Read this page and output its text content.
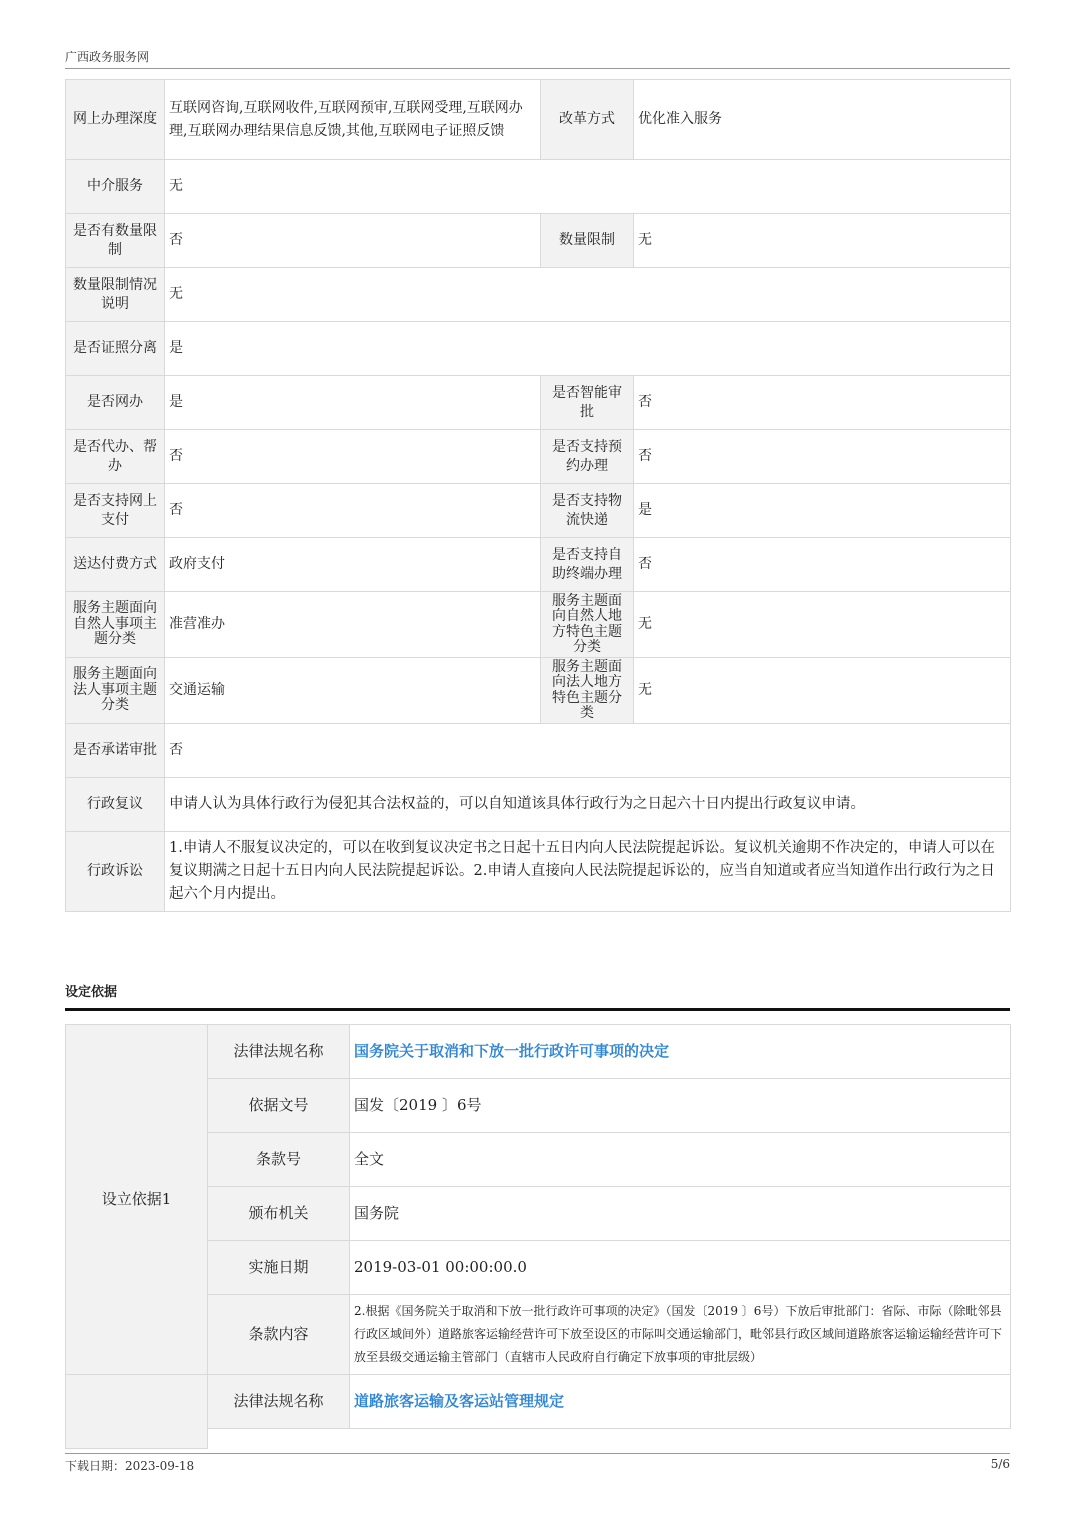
广西政务服务网
网上办理深度	互联网咨询,互联网收件,互联网预审,互联网受理,互联网办理,互联网办理结果信息反馈,其他,互联网电子证照反馈	改革方式	优化准入服务
中介服务	无		
是否有数量限制	否	数量限制	无
数量限制情况说明	无		
是否证照分离	是		
是否网办	是	是否智能审批	否
是否代办、帮办	否	是否支持预约办理	否
是否支持网上支付	否	是否支持物流快递	是
送达付费方式	政府支付	是否支持自助终端办理	否
服务主题面向自然人事项主题分类	准营准办	服务主题面向自然人地方特色主题分类	无
服务主题面向法人事项主题分类	交通运输	服务主题面向法人地方特色主题分类	无
是否承诺审批	否		
行政复议	申请人认为具体行政行为侵犯其合法权益的，可以自知道该具体行政行为之日起六十日内提出行政复议申请。		
行政诉讼	1.申请人不服复议决定的，可以在收到复议决定书之日起十五日内向人民法院提起诉讼。复议机关逾期不作决定的，申请人可以在复议期满之日起十五日内向人民法院提起诉讼。2.申请人直接向人民法院提起诉讼的，应当自知道或者应当知道作出行政行为之日起六个月内提出。		
设定依据
设立依据1	法律法规名称	国务院关于取消和下放一批行政许可事项的决定
	依据文号	国发〔2019 〕6号
	条款号	全文
	颁布机关	国务院
	实施日期	2019-03-01 00:00:00.0
	条款内容	2.根据《国务院关于取消和下放一批行政许可事项的决定》（国发〔2019 〕6号）下放后审批部门：省际、市际（除毗邻县行政区域间外）道路旅客运输经营许可下放至设区的市际叫交通运输部门，毗邻县行政区域间道路旅客运输运输经营许可下放至县级交通运输主管部门（直辖市人民政府自行确定下放事项的审批层级）
	法律法规名称	道路旅客运输及客运站管理规定

下载日期：2023-09-18	5/6
